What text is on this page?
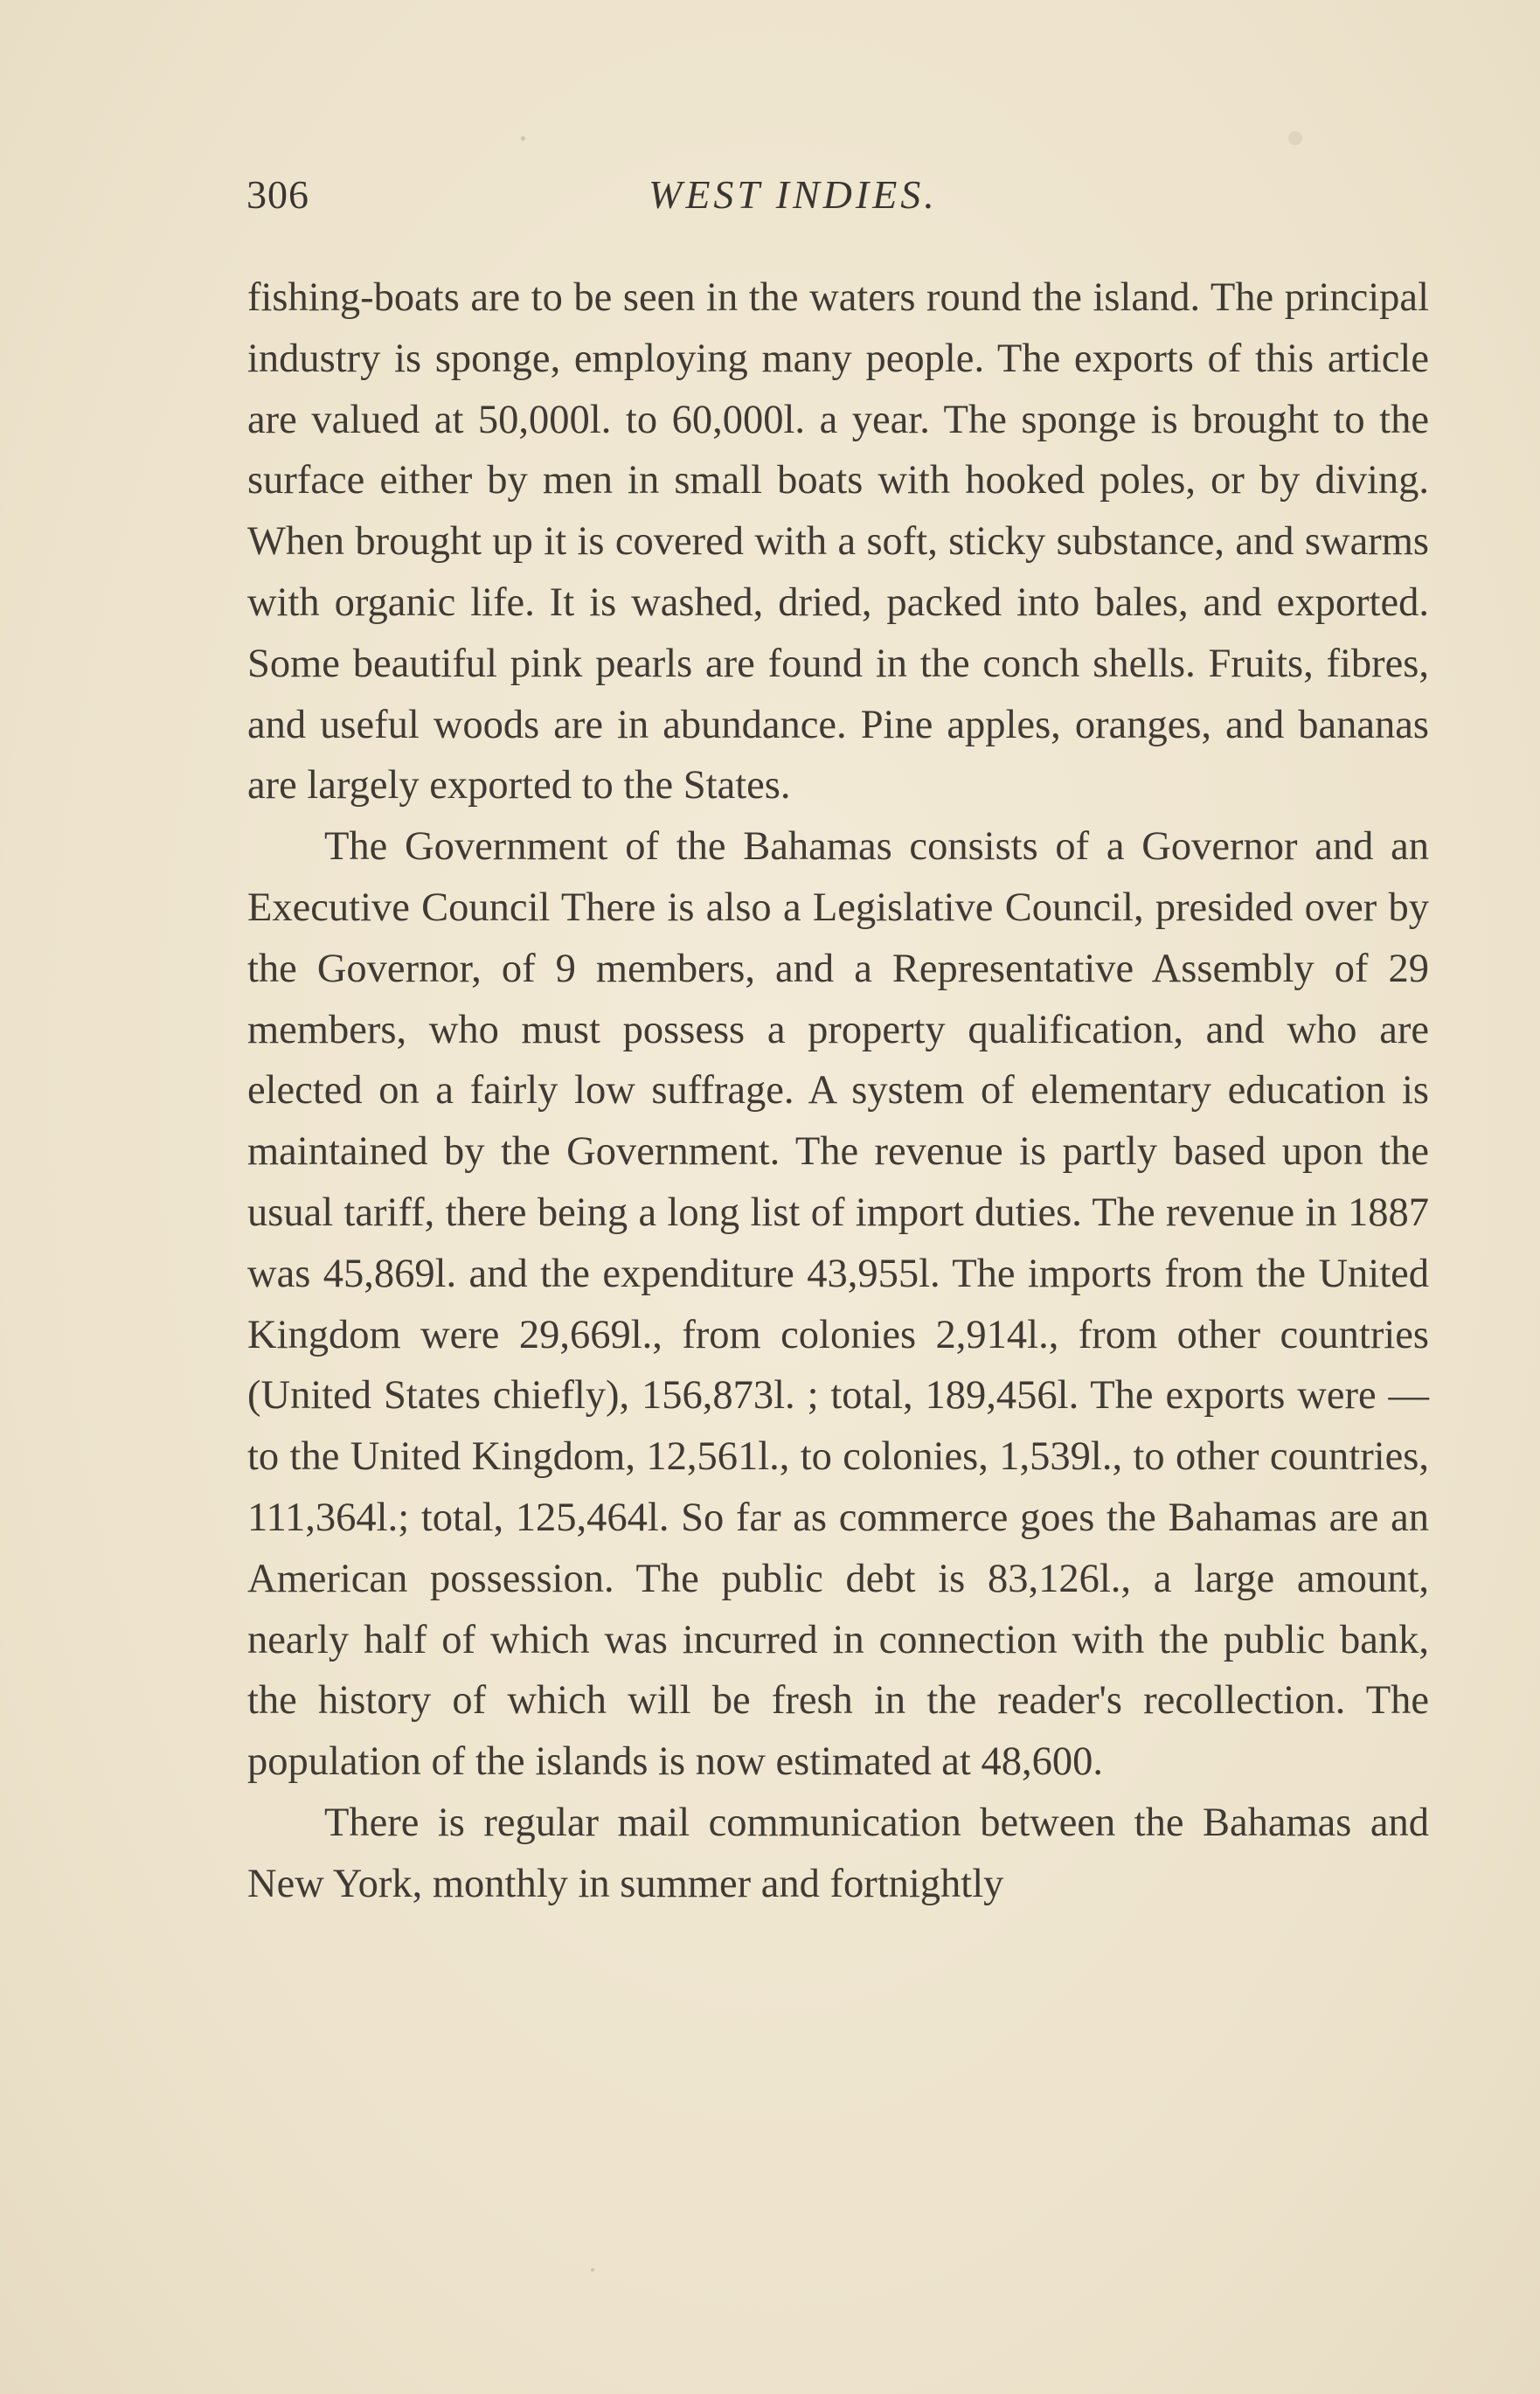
306	WEST INDIES.

fishing-boats are to be seen in the waters round the island. The principal industry is sponge, employing many people. The exports of this article are valued at 50,000l. to 60,000l. a year. The sponge is brought to the surface either by men in small boats with hooked poles, or by diving. When brought up it is covered with a soft, sticky substance, and swarms with organic life. It is washed, dried, packed into bales, and exported. Some beautiful pink pearls are found in the conch shells. Fruits, fibres, and useful woods are in abundance. Pine apples, oranges, and bananas are largely exported to the States.

The Government of the Bahamas consists of a Governor and an Executive Council There is also a Legislative Council, presided over by the Governor, of 9 members, and a Representative Assembly of 29 members, who must possess a property qualification, and who are elected on a fairly low suffrage. A system of elementary education is maintained by the Government. The revenue is partly based upon the usual tariff, there being a long list of import duties. The revenue in 1887 was 45,869l. and the expenditure 43,955l. The imports from the United Kingdom were 29,669l., from colonies 2,914l., from other countries (United States chiefly), 156,873l. ; total, 189,456l. The exports were —to the United Kingdom, 12,561l., to colonies, 1,539l., to other countries, 111,364l.; total, 125,464l. So far as commerce goes the Bahamas are an American possession. The public debt is 83,126l., a large amount, nearly half of which was incurred in connection with the public bank, the history of which will be fresh in the reader's recollection. The population of the islands is now estimated at 48,600.

There is regular mail communication between the Bahamas and New York, monthly in summer and fortnightly
